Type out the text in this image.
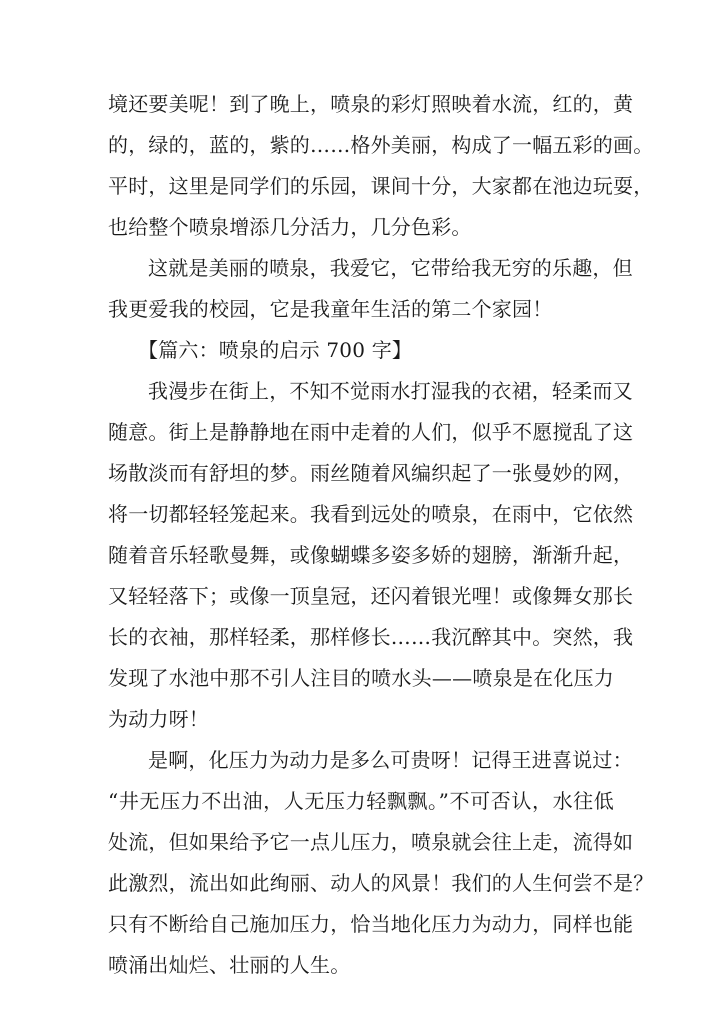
境还要美呢！到了晚上，喷泉的彩灯照映着水流，红的，黄
的，绿的，蓝的，紫的……格外美丽，构成了一幅五彩的画。
平时，这里是同学们的乐园，课间十分，大家都在池边玩耍，
也给整个喷泉增添几分活力，几分色彩。
这就是美丽的喷泉，我爱它，它带给我无穷的乐趣，但
我更爱我的校园，它是我童年生活的第二个家园！
【篇六：喷泉的启示 700 字】
我漫步在街上，不知不觉雨水打湿我的衣裙，轻柔而又
随意。街上是静静地在雨中走着的人们，似乎不愿搅乱了这
场散淡而有舒坦的梦。雨丝随着风编织起了一张曼妙的网，
将一切都轻轻笼起来。我看到远处的喷泉，在雨中，它依然
随着音乐轻歌曼舞，或像蝴蝶多姿多娇的翅膀，渐渐升起，
又轻轻落下；或像一顶皇冠，还闪着银光哩！或像舞女那长
长的衣袖，那样轻柔，那样修长……我沉醉其中。突然，我
发现了水池中那不引人注目的喷水头——喷泉是在化压力
为动力呀！
是啊，化压力为动力是多么可贵呀！记得王进喜说过：
“井无压力不出油，人无压力轻飘飘。”不可否认，水往低
处流，但如果给予它一点儿压力，喷泉就会往上走，流得如
此激烈，流出如此绚丽、动人的风景！我们的人生何尝不是？
只有不断给自己施加压力，恰当地化压力为动力，同样也能
喷涌出灿烂、壮丽的人生。
